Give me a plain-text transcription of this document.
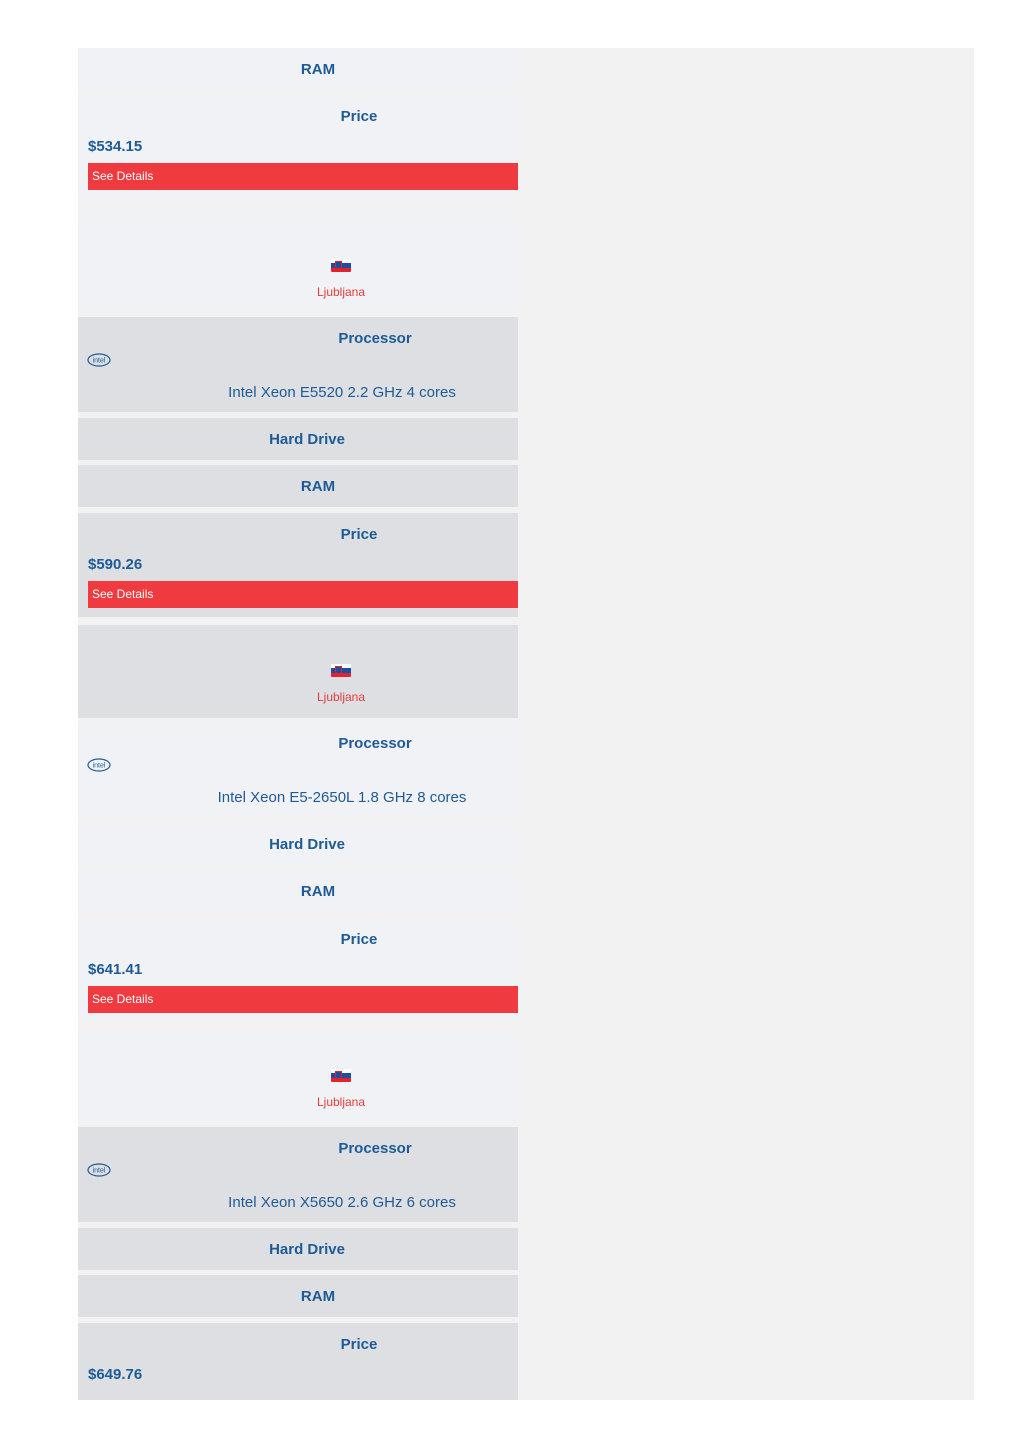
RAM
Price
$534.15
See Details
Ljubljana
Processor
intel
Intel Xeon E5520 2.2 GHz 4 cores
Hard Drive
RAM
Price
$590.26
See Details
Ljubljana
Processor
intel
Intel Xeon E5-2650L 1.8 GHz 8 cores
Hard Drive
RAM
Price
$641.41
See Details
Ljubljana
Processor
intel
Intel Xeon X5650 2.6 GHz 6 cores
Hard Drive
RAM
Price
$649.76
